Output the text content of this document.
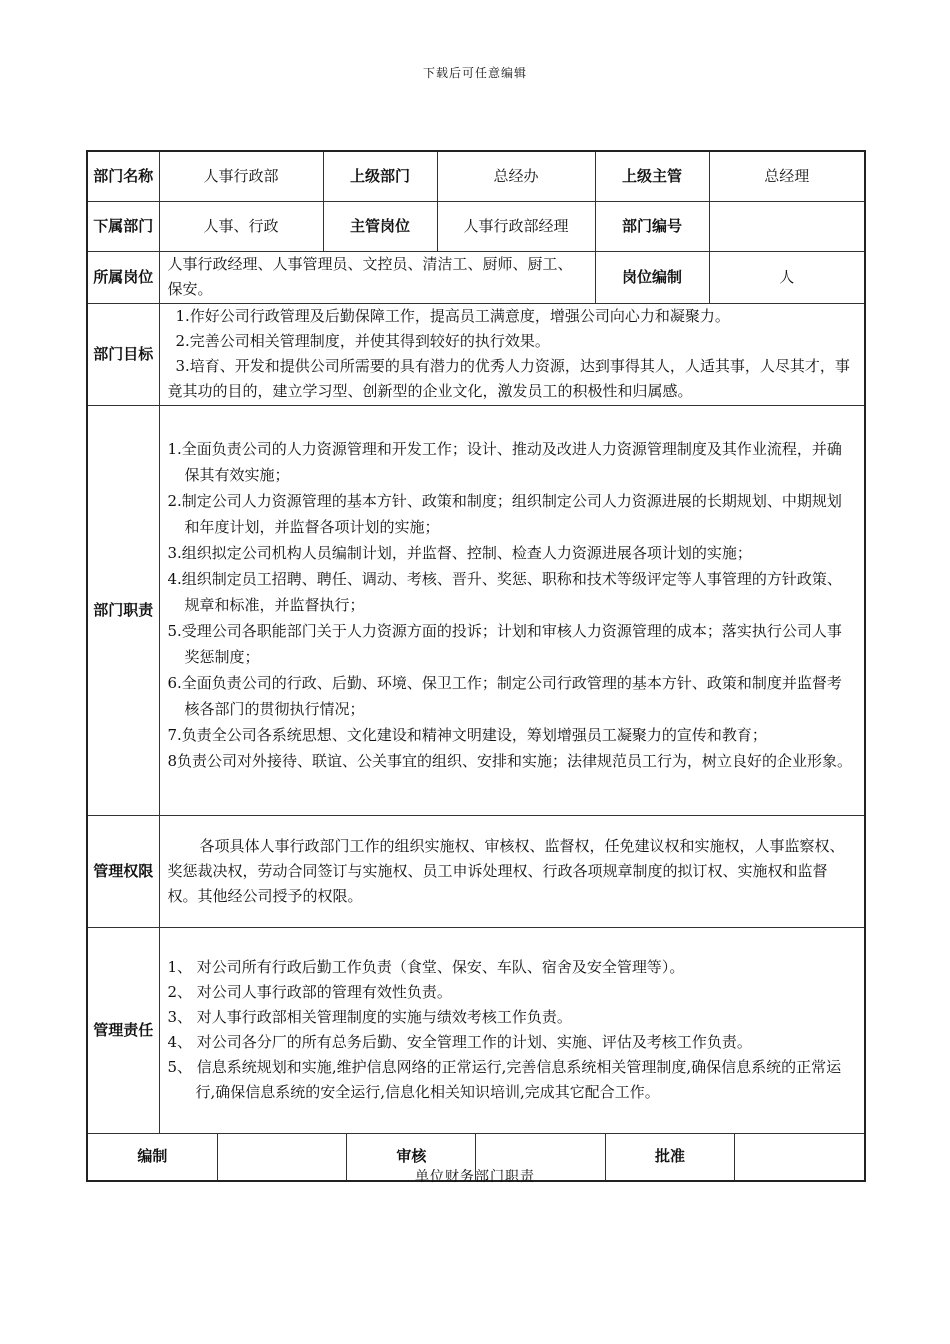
下载后可任意编辑
部门名称	人事行政部	上级部门	总经办	上级主管	总经理
下属部门	人事、行政	主管岗位	人事行政部经理	部门编号	
所属岗位	人事行政经理、人事管理员、文控员、清洁工、厨师、厨工、保安。	岗位编制	人
部门目标	
1.作好公司行政管理及后勤保障工作，提高员工满意度，增强公司向心力和凝聚力。
2.完善公司相关管理制度，并使其得到较好的执行效果。
3.培育、开发和提供公司所需要的具有潜力的优秀人力资源，达到事得其人，人适其事，人尽其才，事竟其功的目的，建立学习型、创新型的企业文化，激发员工的积极性和归属感。

部门职责	
1.全面负责公司的人力资源管理和开发工作；设计、推动及改进人力资源管理制度及其作业流程，并确保其有效实施；
2.制定公司人力资源管理的基本方针、政策和制度；组织制定公司人力资源进展的长期规划、中期规划和年度计划，并监督各项计划的实施；
3.组织拟定公司机构人员编制计划，并监督、控制、检查人力资源进展各项计划的实施；
4.组织制定员工招聘、聘任、调动、考核、晋升、奖惩、职称和技术等级评定等人事管理的方针政策、规章和标准，并监督执行；
5.受理公司各职能部门关于人力资源方面的投诉；计划和审核人力资源管理的成本；落实执行公司人事奖惩制度；
6.全面负责公司的行政、后勤、环境、保卫工作；制定公司行政管理的基本方针、政策和制度并监督考核各部门的贯彻执行情况；
7.负责全公司各系统思想、文化建设和精神文明建设，筹划增强员工凝聚力的宣传和教育；
8负责公司对外接待、联谊、公关事宜的组织、安排和实施；法律规范员工行为，树立良好的企业形象。

管理权限	
各项具体人事行政部门工作的组织实施权、审核权、监督权，任免建议权和实施权，人事监察权、奖惩裁决权，劳动合同签订与实施权、员工申诉处理权、行政各项规章制度的拟订权、实施权和监督权。其他经公司授予的权限。

管理责任	
1、 对公司所有行政后勤工作负责（食堂、保安、车队、宿舍及安全管理等）。
2、 对公司人事行政部的管理有效性负责。
3、 对人事行政部相关管理制度的实施与绩效考核工作负责。
4、 对公司各分厂的所有总务后勤、安全管理工作的计划、实施、评估及考核工作负责。
5、 信息系统规划和实施,维护信息网络的正常运行,完善信息系统相关管理制度,确保信息系统的正常运行,确保信息系统的安全运行,信息化相关知识培训,完成其它配合工作。

编制		审核		批准	
单位财务部门职责
